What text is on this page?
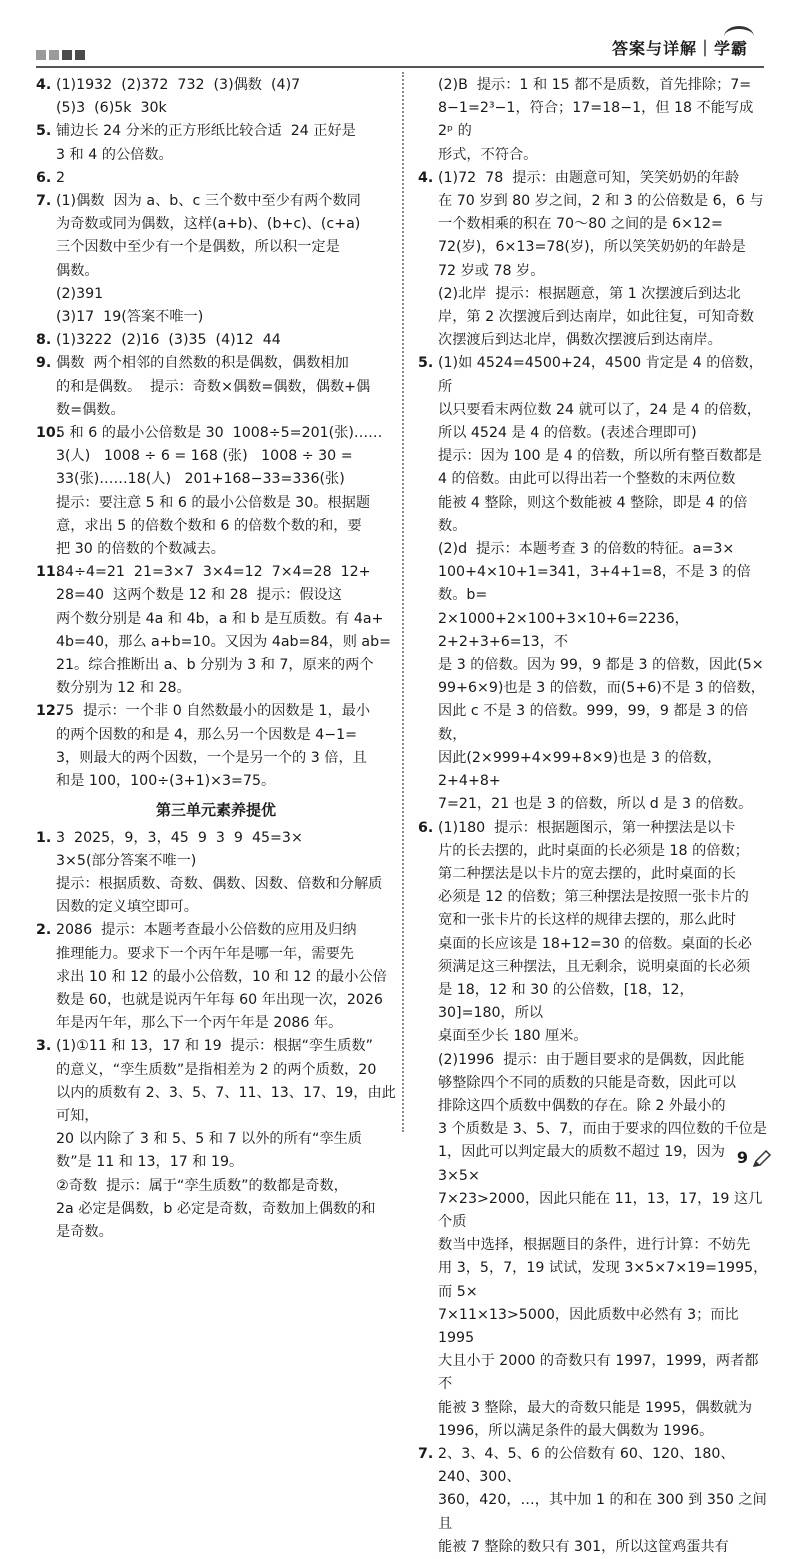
答案与详解｜学霸
4. (1)1932  (2)372  732  (3)偶数  (4)7

(5)3  (6)5k  30k

5. 铺边长 24 分米的正方形纸比较合适  24 正好是

3 和 4 的公倍数。

6. 2

7. (1)偶数  因为 a、b、c 三个数中至少有两个数同

为奇数或同为偶数，这样(a+b)、(b+c)、(c+a)

三个因数中至少有一个是偶数，所以积一定是

偶数。

(2)391

(3)17  19(答案不唯一)

8. (1)3222  (2)16  (3)35  (4)12  44

9. 偶数  两个相邻的自然数的积是偶数，偶数相加

的和是偶数。  提示：奇数×偶数=偶数，偶数+偶

数=偶数。

10.

5 和 6 的最小公倍数是 30  1008÷5=201(张)……

3(人)   1008 ÷ 6 = 168 (张)   1008 ÷ 30 =

33(张)……18(人)   201+168−33=336(张)

提示：要注意 5 和 6 的最小公倍数是 30。根据题

意，求出 5 的倍数个数和 6 的倍数个数的和，要

把 30 的倍数的个数减去。

11.

84÷4=21  21=3×7  3×4=12  7×4=28  12+

28=40  这两个数是 12 和 28  提示：假设这

两个数分别是 4a 和 4b，a 和 b 是互质数。有 4a+

4b=40，那么 a+b=10。又因为 4ab=84，则 ab=

21。综合推断出 a、b 分别为 3 和 7，原来的两个

数分别为 12 和 28。

12.

75  提示：一个非 0 自然数最小的因数是 1，最小

的两个因数的和是 4，那么另一个因数是 4−1=

3，则最大的两个因数，一个是另一个的 3 倍，且

和是 100，100÷(3+1)×3=75。

第三单元素养提优
1. 3  2025，9，3，45  9  3  9  45=3×

3×5(部分答案不唯一)

提示：根据质数、奇数、偶数、因数、倍数和分解质

因数的定义填空即可。

2. 2086  提示：本题考查最小公倍数的应用及归纳

推理能力。要求下一个丙午年是哪一年，需要先

求出 10 和 12 的最小公倍数，10 和 12 的最小公倍

数是 60，也就是说丙午年每 60 年出现一次，2026

年是丙午年，那么下一个丙午年是 2086 年。

3. (1)①11 和 13，17 和 19  提示：根据“孪生质数”

的意义，“孪生质数”是指相差为 2 的两个质数，20

以内的质数有 2、3、5、7、11、13、17、19，由此可知，

20 以内除了 3 和 5、5 和 7 以外的所有“孪生质

数”是 11 和 13，17 和 19。

②奇数  提示：属于“孪生质数”的数都是奇数，

2a 必定是偶数，b 必定是奇数，奇数加上偶数的和

是奇数。

(2)B  提示：1 和 15 都不是质数，首先排除；7=

8−1=2³−1，符合；17=18−1，但 18 不能写成 2ᵖ 的

形式，不符合。

4. (1)72  78  提示：由题意可知，笑笑奶奶的年龄

在 70 岁到 80 岁之间，2 和 3 的公倍数是 6，6 与

一个数相乘的积在 70～80 之间的是 6×12=

72(岁)，6×13=78(岁)，所以笑笑奶奶的年龄是

72 岁或 78 岁。

(2)北岸  提示：根据题意，第 1 次摆渡后到达北

岸，第 2 次摆渡后到达南岸，如此往复，可知奇数

次摆渡后到达北岸，偶数次摆渡后到达南岸。

5. (1)如 4524=4500+24，4500 肯定是 4 的倍数，所

以只要看末两位数 24 就可以了，24 是 4 的倍数，

所以 4524 是 4 的倍数。(表述合理即可)

提示：因为 100 是 4 的倍数，所以所有整百数都是

4 的倍数。由此可以得出若一个整数的末两位数

能被 4 整除，则这个数能被 4 整除，即是 4 的倍数。

(2)d  提示：本题考查 3 的倍数的特征。a=3×

100+4×10+1=341，3+4+1=8，不是 3 的倍数。b=

2×1000+2×100+3×10+6=2236，2+2+3+6=13，不

是 3 的倍数。因为 99，9 都是 3 的倍数，因此(5×

99+6×9)也是 3 的倍数，而(5+6)不是 3 的倍数，

因此 c 不是 3 的倍数。999，99，9 都是 3 的倍数，

因此(2×999+4×99+8×9)也是 3 的倍数，2+4+8+

7=21，21 也是 3 的倍数，所以 d 是 3 的倍数。

6. (1)180  提示：根据题图示，第一种摆法是以卡

片的长去摆的，此时桌面的长必须是 18 的倍数；

第二种摆法是以卡片的宽去摆的，此时桌面的长

必须是 12 的倍数；第三种摆法是按照一张卡片的

宽和一张卡片的长这样的规律去摆的，那么此时

桌面的长应该是 18+12=30 的倍数。桌面的长必

须满足这三种摆法，且无剩余，说明桌面的长必须

是 18，12 和 30 的公倍数，[18，12，30]=180，所以

桌面至少长 180 厘米。

(2)1996  提示：由于题目要求的是偶数，因此能

够整除四个不同的质数的只能是奇数，因此可以

排除这四个质数中偶数的存在。除 2 外最小的

3 个质数是 3、5、7，而由于要求的四位数的千位是

1，因此可以判定最大的质数不超过 19，因为 3×5×

7×23>2000，因此只能在 11，13，17，19 这几个质

数当中选择，根据题目的条件，进行计算：不妨先

用 3，5，7，19 试试，发现 3×5×7×19=1995，而 5×

7×11×13>5000，因此质数中必然有 3；而比 1995

大且小于 2000 的奇数只有 1997，1999，两者都不

能被 3 整除，最大的奇数只能是 1995，偶数就为

1996，所以满足条件的最大偶数为 1996。

7. 2、3、4、5、6 的公倍数有 60、120、180、240、300、

360，420，…，其中加 1 的和在 300 到 350 之间且

能被 7 整除的数只有 301，所以这筐鸡蛋共有

9
